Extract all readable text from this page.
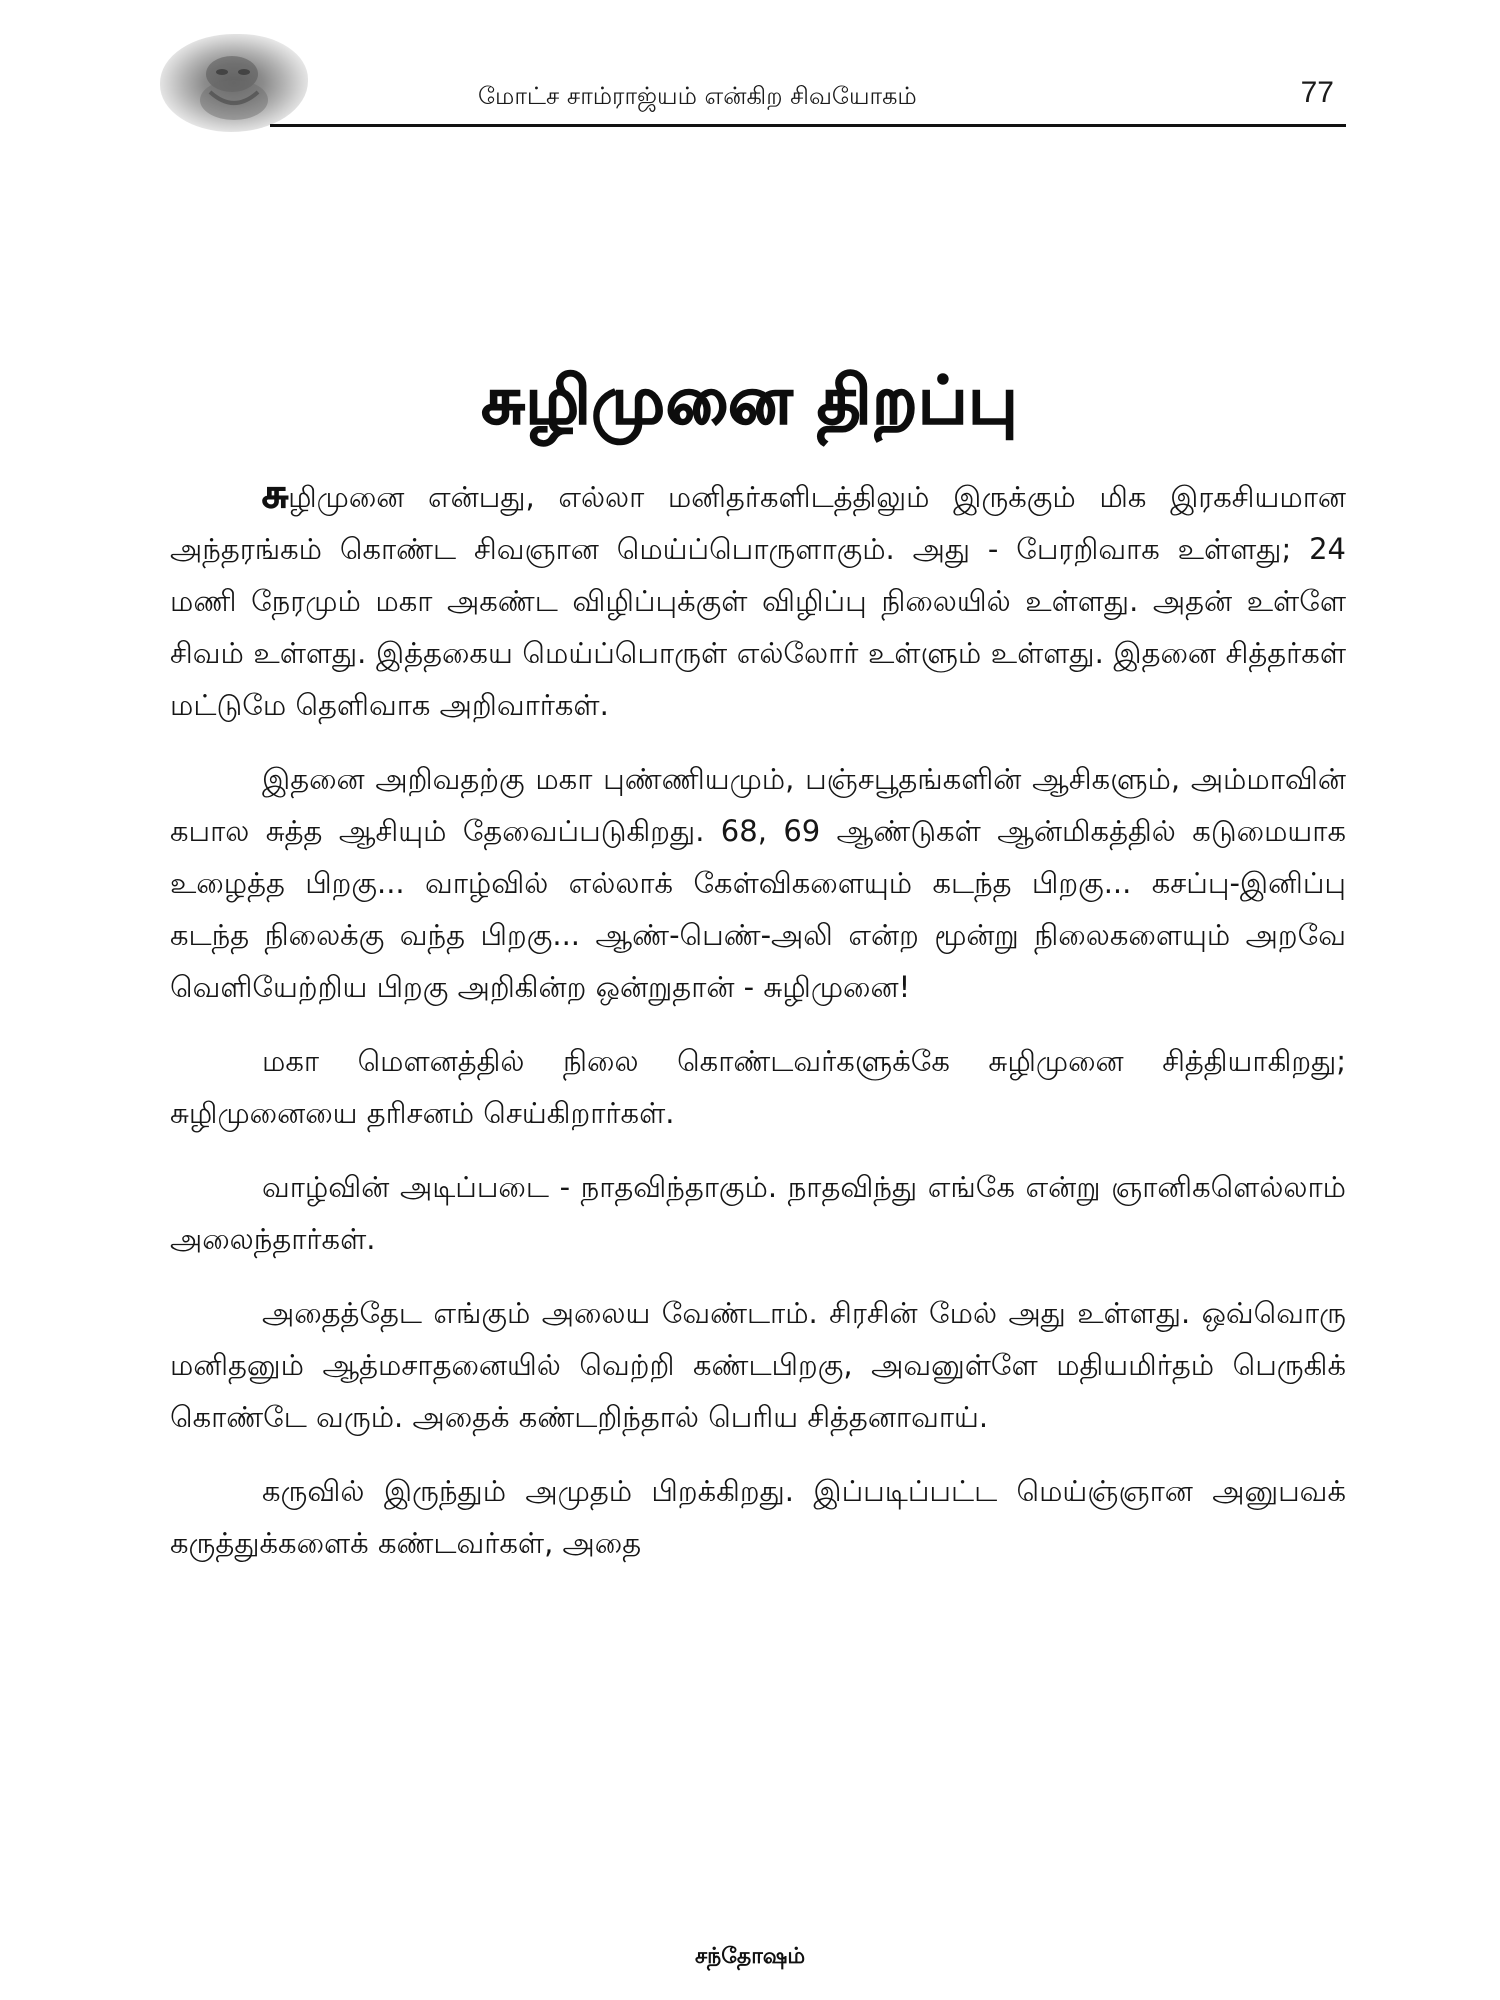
மோட்ச சாம்ராஜ்யம் என்கிற சிவயோகம்	77
சுழிமுனை திறப்பு

சுழிமுனை என்பது, எல்லா மனிதர்களிடத்திலும் இருக்கும் மிக இரகசியமான அந்தரங்கம் கொண்ட சிவஞான மெய்ப்பொருளாகும். அது - பேரறிவாக உள்ளது; 24 மணி நேரமும் மகா அகண்ட விழிப்புக்குள் விழிப்பு நிலையில் உள்ளது. அதன் உள்ளே சிவம் உள்ளது. இத்தகைய மெய்ப்பொருள் எல்லோர் உள்ளும் உள்ளது. இதனை சித்தர்கள் மட்டுமே தெளிவாக அறிவார்கள்.

இதனை அறிவதற்கு மகா புண்ணியமும், பஞ்சபூதங்களின் ஆசிகளும், அம்மாவின் கபால சுத்த ஆசியும் தேவைப்படுகிறது. 68, 69 ஆண்டுகள் ஆன்மிகத்தில் கடுமையாக உழைத்த பிறகு... வாழ்வில் எல்லாக் கேள்விகளையும் கடந்த பிறகு... கசப்பு-இனிப்பு கடந்த நிலைக்கு வந்த பிறகு... ஆண்-பெண்-அலி என்ற மூன்று நிலைகளையும் அறவே வெளியேற்றிய பிறகு அறிகின்ற ஒன்றுதான் - சுழிமுனை!

மகா மௌனத்தில் நிலை கொண்டவர்களுக்கே சுழிமுனை சித்தியாகிறது; சுழிமுனையை தரிசனம் செய்கிறார்கள்.

வாழ்வின் அடிப்படை - நாதவிந்தாகும். நாதவிந்து எங்கே என்று ஞானிகளெல்லாம் அலைந்தார்கள்.

அதைத்தேட எங்கும் அலைய வேண்டாம். சிரசின் மேல் அது உள்ளது. ஒவ்வொரு மனிதனும் ஆத்மசாதனையில் வெற்றி கண்டபிறகு, அவனுள்ளே மதியமிர்தம் பெருகிக் கொண்டே வரும். அதைக் கண்டறிந்தால் பெரிய சித்தனாவாய்.

கருவில் இருந்தும் அமுதம் பிறக்கிறது. இப்படிப்பட்ட மெய்ஞ்ஞான அனுபவக் கருத்துக்களைக் கண்டவர்கள், அதை

சந்தோஷம்
